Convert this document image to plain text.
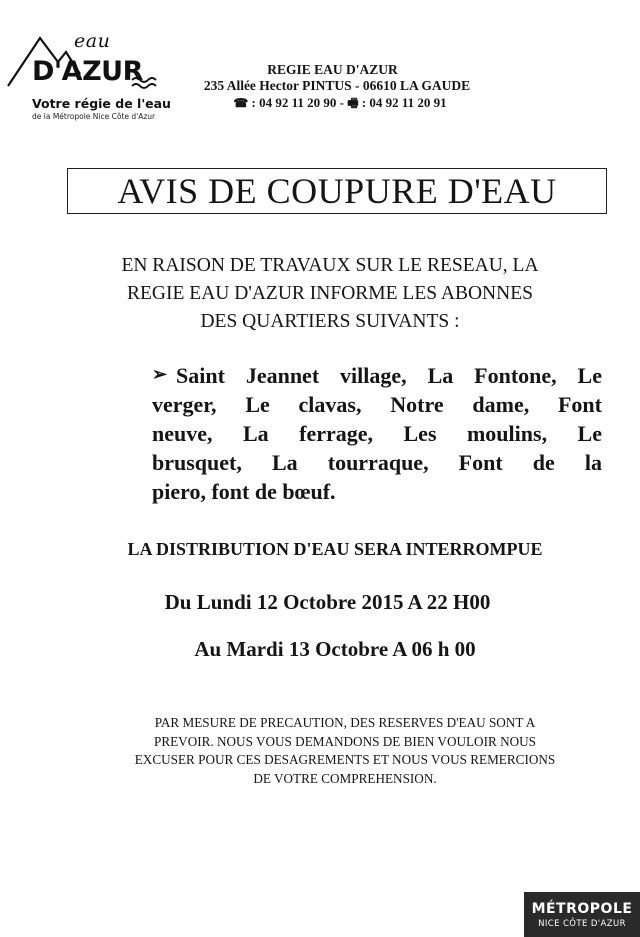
eau
D'AZUR
Votre régie de l'eau
de la Métropole Nice Côte d'Azur
REGIE EAU D'AZUR
235 Allée Hector PINTUS - 06610 LA GAUDE
☎ : 04 92 11 20 90 - 🖷 : 04 92 11 20 91
AVIS DE COUPURE D'EAU
EN RAISON DE TRAVAUX SUR LE RESEAU, LA
REGIE EAU D'AZUR INFORME LES ABONNES
DES QUARTIERS SUIVANTS :
➢ Saint Jeannet village, La Fontone, Le
verger, Le clavas, Notre dame, Font
neuve, La ferrage, Les moulins, Le
brusquet, La tourraque, Font de la
piero, font de bœuf.
LA DISTRIBUTION D'EAU SERA INTERROMPUE
Du Lundi 12 Octobre 2015 A 22 H00
Au Mardi 13 Octobre A 06 h 00
PAR MESURE DE PRECAUTION, DES RESERVES D'EAU SONT A
PREVOIR. NOUS VOUS DEMANDONS DE BIEN VOULOIR NOUS
EXCUSER POUR CES DESAGREMENTS ET NOUS VOUS REMERCIONS
DE VOTRE COMPREHENSION.
MÉTROPOLE
NICE CÔTE D'AZUR
